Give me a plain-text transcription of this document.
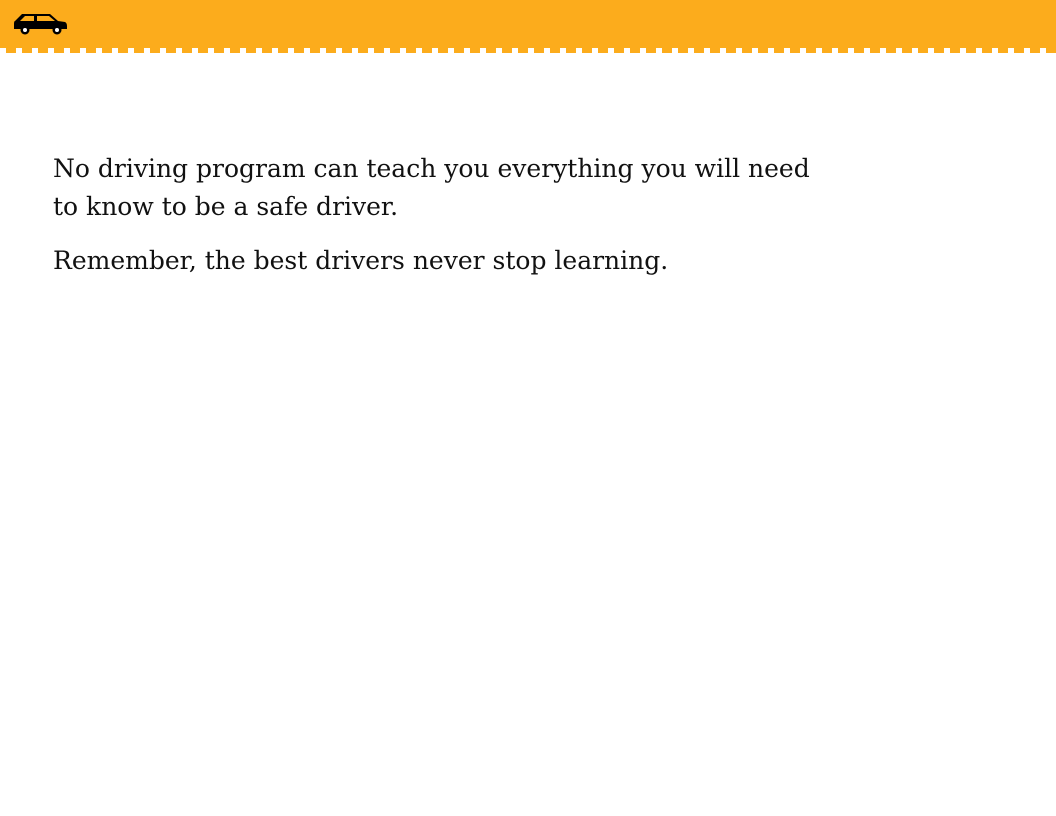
No driving program can teach you everything you will need to know to be a safe driver.

Remember, the best drivers never stop learning.
